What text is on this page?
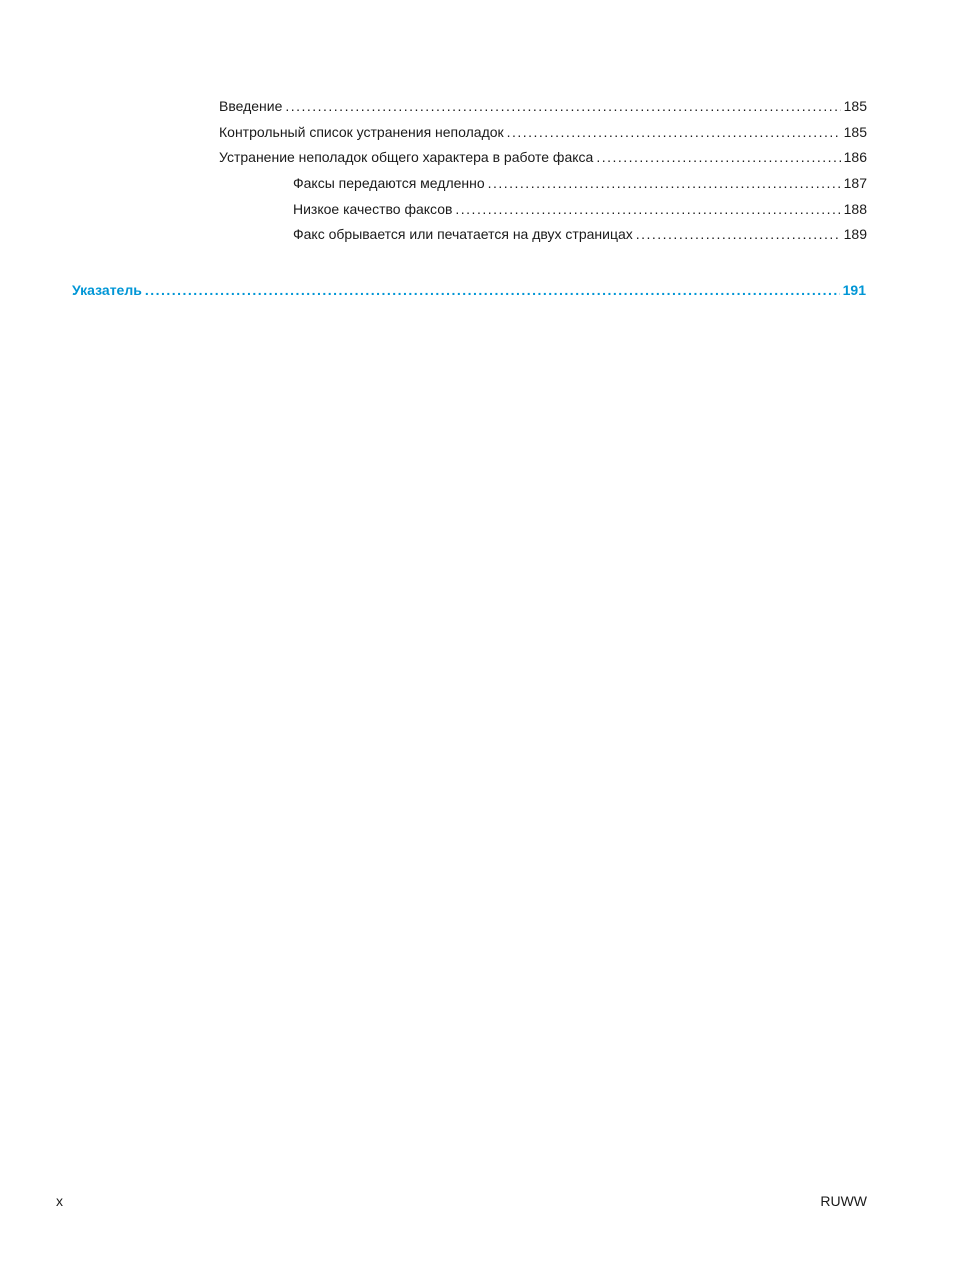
Введение . . .	185
Контрольный список устранения неполадок . . .	185
Устранение неполадок общего характера в работе факса . . .	186
Факсы передаются медленно . . .	187
Низкое качество факсов . . .	188
Факс обрывается или печатается на двух страницах . . .	189
Указатель . . .	191
x	RUWW
